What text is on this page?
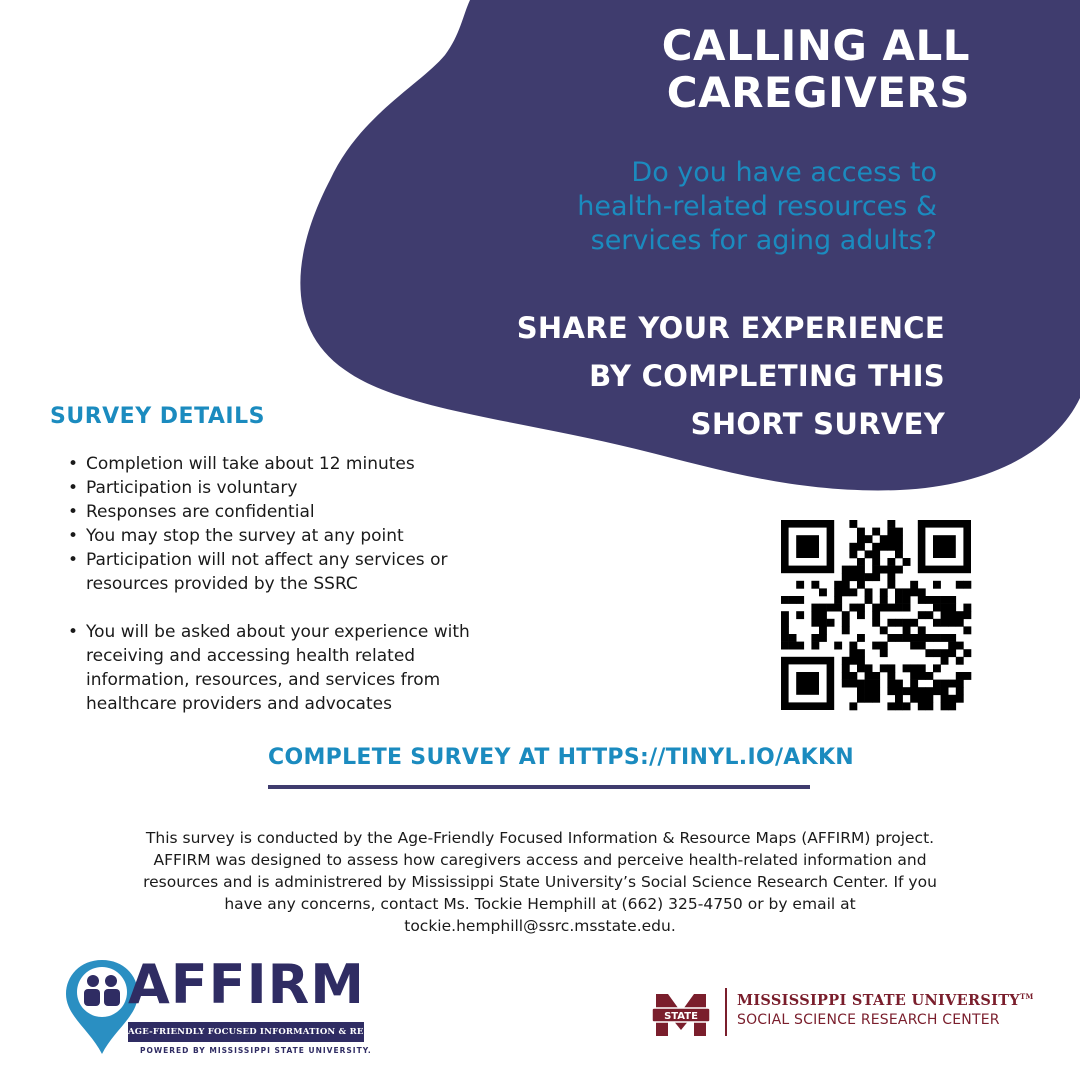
CALLING ALL
CAREGIVERS
Do you have access to
health-related resources &
services for aging adults?
SHARE YOUR EXPERIENCE
BY COMPLETING THIS
SHORT SURVEY
SURVEY DETAILS
• Completion will take about 12 minutes
• Participation is voluntary
• Responses are confidential
• You may stop the survey at any point
• Participation will not affect any services or resources provided by the SSRC
• You will be asked about your experience with receiving and accessing health related information, resources, and services from healthcare providers and advocates
COMPLETE SURVEY AT HTTPS://TINYL.IO/AKKN
This survey is conducted by the Age-Friendly Focused Information & Resource Maps (AFFIRM) project. AFFIRM was designed to assess how caregivers access and perceive health-related information and resources and is administrered by Mississippi State University’s Social Science Research Center. If you have any concerns, contact Ms. Tockie Hemphill at (662) 325-4750 or by email at tockie.hemphill@ssrc.msstate.edu.
AFFIRM
AGE-FRIENDLY FOCUSED INFORMATION & RESOURCE MAPS
POWERED BY MISSISSIPPI STATE UNIVERSITY.
STATE
MISSISSIPPI STATE UNIVERSITY™
SOCIAL SCIENCE RESEARCH CENTER
